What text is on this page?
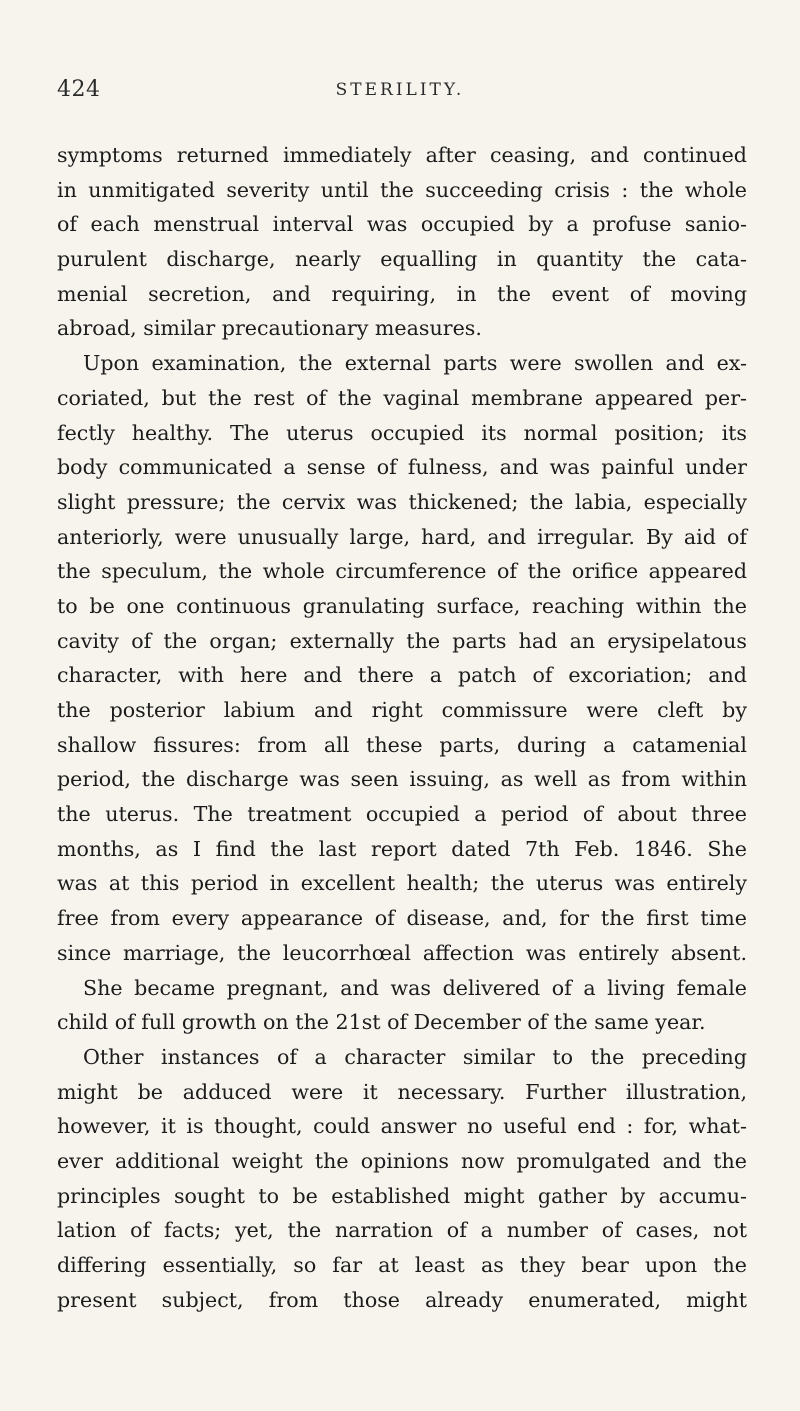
424	STERILITY.
symptoms returned immediately after ceasing, and continued
in unmitigated severity until the succeeding crisis : the whole
of each menstrual interval was occupied by a profuse sanio-
purulent discharge, nearly equalling in quantity the cata-
menial secretion, and requiring, in the event of moving
abroad, similar precautionary measures.
Upon examination, the external parts were swollen and ex-
coriated, but the rest of the vaginal membrane appeared per-
fectly healthy. The uterus occupied its normal position; its
body communicated a sense of fulness, and was painful under
slight pressure; the cervix was thickened; the labia, especially
anteriorly, were unusually large, hard, and irregular. By aid of
the speculum, the whole circumference of the orifice appeared
to be one continuous granulating surface, reaching within the
cavity of the organ; externally the parts had an erysipelatous
character, with here and there a patch of excoriation; and
the posterior labium and right commissure were cleft by
shallow fissures: from all these parts, during a catamenial
period, the discharge was seen issuing, as well as from within
the uterus. The treatment occupied a period of about three
months, as I find the last report dated 7th Feb. 1846. She
was at this period in excellent health; the uterus was entirely
free from every appearance of disease, and, for the first time
since marriage, the leucorrhœal affection was entirely absent.
She became pregnant, and was delivered of a living female
child of full growth on the 21st of December of the same year.
Other instances of a character similar to the preceding
might be adduced were it necessary. Further illustration,
however, it is thought, could answer no useful end : for, what-
ever additional weight the opinions now promulgated and the
principles sought to be established might gather by accumu-
lation of facts; yet, the narration of a number of cases, not
differing essentially, so far at least as they bear upon the
present subject, from those already enumerated, might
